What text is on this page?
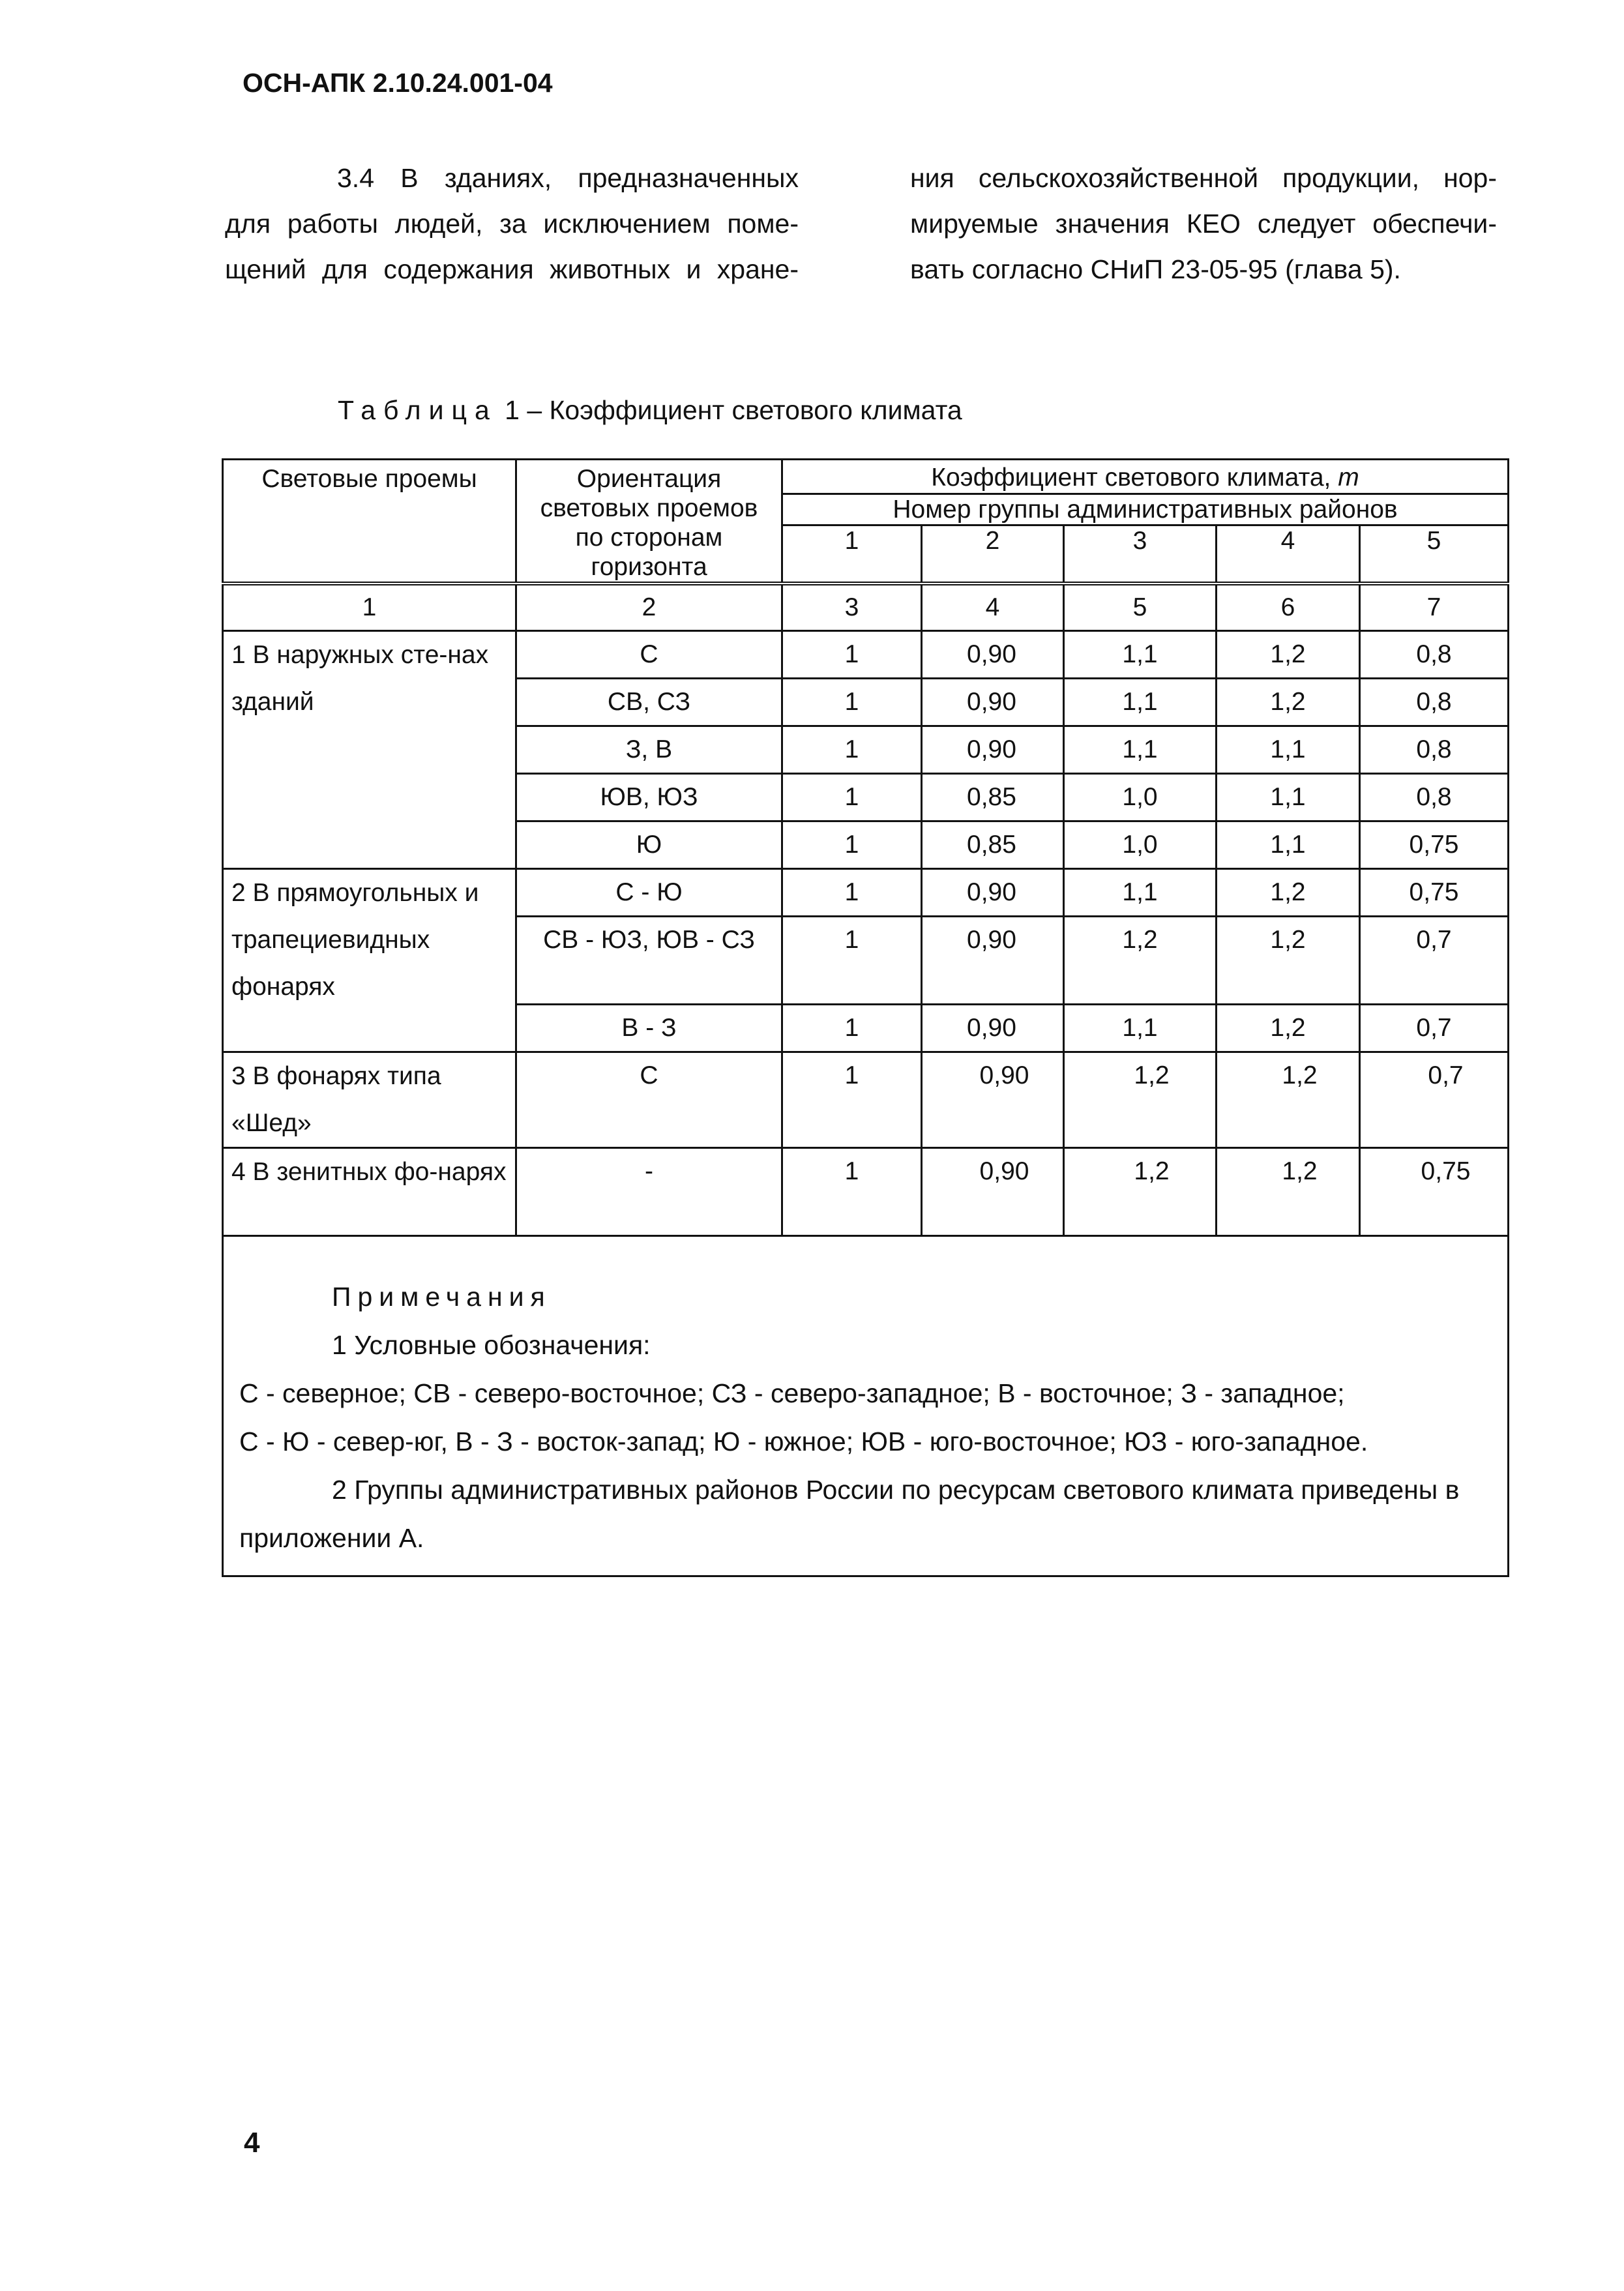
ОСН-АПК 2.10.24.001-04
3.4 В зданиях, предназначенных
для работы людей, за исключением поме-
щений для содержания животных и хране-
ния сельскохозяйственной продукции, нор-
мируемые значения КЕО следует обеспечи-
вать согласно СНиП 23-05-95 (глава 5).
Таблица 1 – Коэффициент светового климата
Световые проемы	Ориентация световых проемов по сторонам горизонта	Коэффициент светового климата, m				
		Номер группы административных районов				
		1	2	3	4	5
1	2	3	4	5	6	7
1 В наружных сте-нах зданий	С	1	0,90	1,1	1,2	0,8
	СВ, СЗ	1	0,90	1,1	1,2	0,8
	З, В	1	0,90	1,1	1,1	0,8
	ЮВ, ЮЗ	1	0,85	1,0	1,1	0,8
	Ю	1	0,85	1,0	1,1	0,75
2 В прямоугольных и трапециевидных фонарях	С - Ю	1	0,90	1,1	1,2	0,75
	СВ - ЮЗ, ЮВ - СЗ	1	0,90	1,2	1,2	0,7
	В - З	1	0,90	1,1	1,2	0,7
3 В фонарях типа «Шед»	С	1	0,90	1,2	1,2	0,7
4 В зенитных фо-нарях	-	1	0,90	1,2	1,2	0,75

Примечания
1 Условные обозначения:
С - северное; СВ - северо-восточное; СЗ - северо-западное; В - восточное; З - западное;
С - Ю - север-юг, В - З - восток-запад; Ю - южное; ЮВ - юго-восточное; ЮЗ - юго-западное.
2 Группы административных районов России по ресурсам светового климата приведены в приложении А.						
4
